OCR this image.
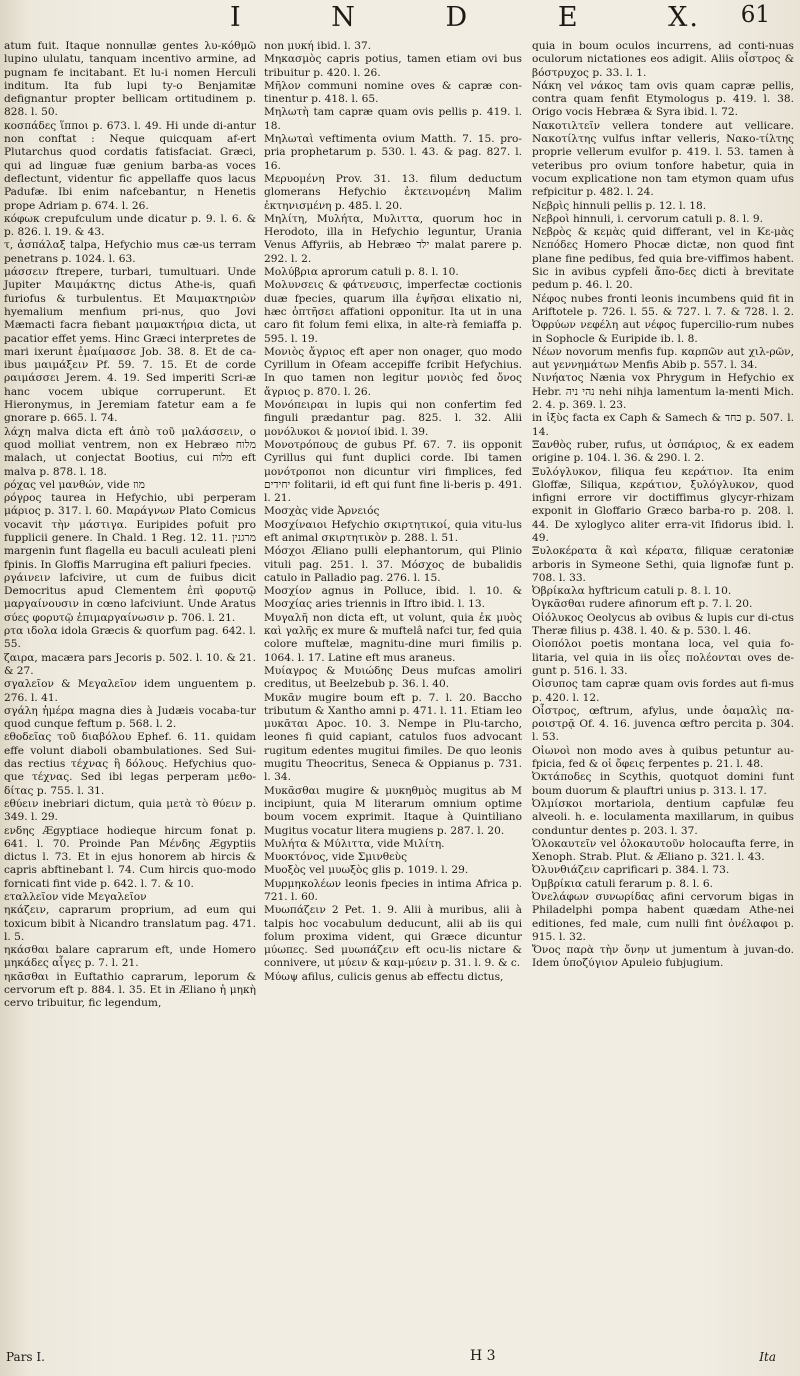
I	N	D	E	X. 61

atum fuit. Itaque nonnullæ gentes λυ-κόθμῶ lupino ululatu, tanquam incentivo armine, ad pugnam fe incitabant. Et lu-i nomen Herculi inditum. Ita fub lupi ty-o Benjamitæ defignantur propter bellicam ortitudinem p. 828. l. 50.

κοσπάδες ἵπποι p. 673. l. 49. Hi unde di-antur non conftat : Neque quicquam af-ert Plutarchus quod cordatis fatisfaciat. Græci, qui ad linguæ fuæ genium barba-as voces deflectunt, videntur fic appellaffe quos lacus Padufæ. Ibi enim nafcebantur, n Henetis prope Adriam p. 674. l. 26.

κόφωκ crepufculum unde dicatur p. 9. l. 6. & p. 826. l. 19. & 43.

τ, ἀσπάλαξ talpa, Hefychio mus cæ-us terram penetrans p. 1024. l. 63.

μάσσειν ftrepere, turbari, tumultuari. Unde Jupiter Μαιμάκτης dictus Athe-is, quafi furiofus & turbulentus. Et Μαιμακτηριὼν hyemalium menfium pri-nus, quo Jovi Mæmacti facra fiebant μαιμακτήρια dicta, ut pacatior effet yems. Hinc Græci interpretes de mari ixerunt ἐμαίμασσε Job. 38. 8. Et de ca-ibus μαιμάξειν Pf. 59. 7. 15. Et de corde ραιμάσσει Jerem. 4. 19. Sed imperiti Scri-æ hanc vocem ubique corruperunt. Et Hieronymus, in Jeremiam fatetur eam a fe gnorare p. 665. l. 74.

λάχη malva dicta eft ἀπὸ τοῦ μαλάσσειν, o quod molliat ventrem, non ex Hebræo מלוח malach, ut conjectat Bootius, cui מלוח eft malva p. 878. l. 18.

ρόχας vel μανθών, vide מוז

ρόγρος taurea in Hefychio, ubi perperam μάριος p. 317. l. 60. Μαράγνων Plato Comicus vocavit τὴν μάστιγα. Euripides pofuit pro fupplicii genere. In Chald. 1 Reg. 12. 11. מרגנין margenin funt flagella eu baculi aculeati pleni fpinis. In Gloffis Marrugina eft paliuri fpecies.

ργάινειν lafcivire, ut cum de fuibus dicit Democritus apud Clementem ἐπὶ φορυτῷ μαργαίνουσιν in cœno lafciviunt. Unde Aratus σύες φορυτῷ ἐπιμαργαίνωσιν p. 706. l. 21.

ρτα ιδολα idola Græcis & quorfum pag. 642. l. 55.

ζαιρα, macæra pars Jecoris p. 502. l. 10. & 21. & 27.

σγαλεῖον & Μεγαλεῖον idem unguentem p. 276. l. 41.

σγάλη ἡμέρα magna dies à Judæis vocaba-tur quod cunque feftum p. 568. l. 2.

εθοδεῖας τοῦ διαβόλου Ephef. 6. 11. quidam effe volunt diaboli obambulationes. Sed Sui-das rectius τέχνας ἢ δόλους. Hefychius quo-que τέχνας. Sed ibi legas perperam μεθο-δίτας p. 755. l. 31.

εθύειν inebriari dictum, quia μετὰ τὸ θύειν p. 349. l. 29.

ενδης Ægyptiace hodieque hircum fonat p. 641. l. 70. Proinde Pan Μένδης Ægyptiis dictus l. 73. Et in ejus honorem ab hircis & capris abftinebant l. 74. Cum hircis quo-modo fornicati fint vide p. 642. l. 7. & 10.

εταλλεῖον vide Μεγαλεῖον

ηκάζειν, caprarum proprium, ad eum qui toxicum bibit à Nicandro translatum pag. 471. l. 5.

ηκάσθαι balare caprarum eft, unde Homero μηκάδες αἶγες p. 7. l. 21.

ηκᾶσθαι in Euftathio caprarum, leporum & cervorum eft p. 884. l. 35. Et in Æliano ἡ μηκὴ cervo tribuitur, fic legendum,

non μυκή ibid. l. 37.

Μηκασμὸς capris potius, tamen etiam ovi bus tribuitur p. 420. l. 26.

Μῆλον communi nomine oves & capræ con-tinentur p. 418. l. 65.

Μηλωτὴ tam capræ quam ovis pellis p. 419. l. 18.

Μηλωταὶ veftimenta ovium Matth. 7. 15. pro-pria prophetarum p. 530. l. 43. & pag. 827. l. 16.

Μερυομένη Prov. 31. 13. filum deductum glomerans Hefychio ἐκτεινομένη Malim ἐκτηνισμένη p. 485. l. 20.

Μηλίτη, Μυλήτα, Μυλιττα, quorum hoc in Herodoto, illa in Hefychio leguntur, Urania Venus Affyriis, ab Hebræo ילד malat parere p. 292. l. 2.

Μολύβρια aprorum catuli p. 8. l. 10.

Μολυνσεις & φάτνευσις, imperfectæ coctionis duæ fpecies, quarum illa ἑψῆσαι elixatio ni, hæc ὀπτῆσει affationi opponitur. Ita ut in una caro fit folum femi elixa, in alte-rà femiaffa p. 595. l. 19.

Μονιὸς ἄγριος eft aper non onager, quo modo Cyrillum in Ofeam accepiffe fcribit Hefychius. In quo tamen non legitur μονιὸς fed ὄνος ἄγριος p. 870. l. 26.

Μονόπειραι in lupis qui non confertim fed finguli prædantur pag. 825. l. 32. Alii μονόλυκοι & μονιοί ibid. l. 39.

Μονοτρόπους de gubus Pf. 67. 7. iis opponit Cyrillus qui funt duplici corde. Ibi tamen μονότροποι non dicuntur viri fimplices, fed יחידים folitarii, id eft qui funt fine li-beris p. 491. l. 21.

Μοσχὰς vide Ἀρνειός

Μοσχίναιοι Hefychio σκιρτητικοί, quia vitu-lus eft animal σκιρτητικὸν p. 288. l. 51.

Μόσχοι Æliano pulli elephantorum, qui Plinio vituli pag. 251. l. 37. Μόσχος de bubalidis catulo in Palladio pag. 276. l. 15.

Μοσχίον agnus in Polluce, ibid. l. 10. & Μοσχίας aries triennis in Iftro ibid. l. 13.

Μυγαλῆ non dicta eft, ut volunt, quia ἐκ μυὸς καὶ γαλῆς ex mure & muftelâ nafci tur, fed quia colore muftelæ, magnitu-dine muri fimilis p. 1064. l. 17. Latine eft mus araneus.

Μυίαγρος & Μυιώδης Deus mufcas amoliri creditus, ut Beelzebub p. 36. l. 40.

Μυκᾶν mugire boum eft p. 7. l. 20. Baccho tributum & Xantho amni p. 471. l. 11. Etiam leo μυκᾶται Apoc. 10. 3. Nempe in Plu-tarcho, leones fi quid capiant, catulos fuos advocant rugitum edentes mugitui fimiles. De quo leonis mugitu Theocritus, Seneca & Oppianus p. 731. l. 34.

Μυκᾶσθαι mugire & μυκηθμὸς mugitus ab M incipiunt, quia M literarum omnium optime boum vocem exprimit. Itaque à Quintiliano Mugitus vocatur litera mugiens p. 287. l. 20.

Μυλήτα & Μύλιττα, vide Μιλίτη.

Μυοκτόνος, vide Σμινθεὺς

Μυοξὸς vel μυωξὸς glis p. 1019. l. 29.

Μυρμηκολέων leonis fpecies in intima Africa p. 721. l. 60.

Μυωπάζειν 2 Pet. 1. 9. Alii à muribus, alii à talpis hoc vocabulum deducunt, alii ab iis qui folum proxima vident, qui Græce dicuntur μύωπες. Sed μυωπάζειν eft ocu-lis nictare & connivere, ut μύειν & καμ-μύειν p. 31. l. 9. & c.

Μύωψ afilus, culicis genus ab effectu dictus,

quia in boum oculos incurrens, ad conti-nuas oculorum nictationes eos adigit. Aliis οἶστρος & βόστρυχος p. 33. l. 1.

Νάκη vel νάκος tam ovis quam capræ pellis, contra quam fenfit Etymologus p. 419. l. 38. Origo vocis Hebræa & Syra ibid. l. 72.

Νακοτιλτεῖν vellera tondere aut vellicare. Νακοτίλτης vulfus inftar velleris, Νακο-τίλτης proprie vellerum evulfor p. 419. l. 53. tamen à veteribus pro ovium tonfore habetur, quia in vocum explicatione non tam etymon quam ufus refpicitur p. 482. l. 24.

Νεβρὶς hinnuli pellis p. 12. l. 18.

Νεβροὶ hinnuli, i. cervorum catuli p. 8. l. 9.

Νεβρὸς & κεμὰς quid differant, vel in Κε-μὰς Νεπόδες Homero Phocæ dictæ, non quod fint plane fine pedibus, fed quia bre-viffimos habent. Sic in avibus cypfeli ἄπο-δες dicti à brevitate pedum p. 46. l. 20.

Νέφος nubes fronti leonis incumbens quid fit in Ariftotele p. 726. l. 55. & 727. l. 7. & 728. l. 2. Ὀφρύων νεφέλη aut νέφος fupercilio-rum nubes in Sophocle & Euripide ib. l. 8.

Νέων novorum menfis fup. καρπῶν aut χιλ-ρῶν, aut γεννημάτων Menfis Abib p. 557. l. 34.

Νινήατος Nænia vox Phrygum in Hefychio ex Hebr. נהי ניה nehi nihja lamentum la-menti Mich. 2. 4. p. 369. l. 23.

in ἰξὺς facta ex Caph & Samech & כחד p. 507. l. 14.

Ξανθὸς ruber, rufus, ut ὀσπάριος, & ex eadem origine p. 104. l. 36. & 290. l. 2.

Ξυλόγλυκον, filiqua feu κεράτιον. Ita enim Gloffæ, Siliqua, κεράτιον, ξυλόγλυκον, quod infigni errore vir doctiffimus glycyr-rhizam exponit in Gloffario Græco barba-ro p. 208. l. 44. De xyloglyco aliter erra-vit Ifidorus ibid. l. 49.

Ξυλοκέρατα ἃ καὶ κέρατα, filiquæ ceratoniæ arboris in Symeone Sethi, quia lignofæ funt p. 708. l. 33.

Ὀβρίκαλα hyftricum catuli p. 8. l. 10.

Ὀγκᾶσθαι rudere afinorum eft p. 7. l. 20.

Οἰόλυκος Oeolycus ab ovibus & lupis cur di-ctus Theræ filius p. 438. l. 40. & p. 530. l. 46.

Οἰοπόλοι poetis montana loca, vel quia fo-litaria, vel quia in iis οἶες πολέονται oves de-gunt p. 516. l. 33.

Οἰσυπος tam capræ quam ovis fordes aut fi-mus p. 420. l. 12.

Οἶστρος, œftrum, afylus, unde ὁαμαλὶς πα-ροιστρᾷ Of. 4. 16. juvenca œftro percita p. 304. l. 53.

Οἰωνοὶ non modo aves à quibus petuntur au-fpicia, fed & οἱ ὄφεις ferpentes p. 21. l. 48.

Ὀκτάποδες in Scythis, quotquot domini funt boum duorum & plauftri unius p. 313. l. 17.

Ὀλμίσκοι mortariola, dentium capfulæ feu alveoli. h. e. loculamenta maxillarum, in quibus conduntur dentes p. 203. l. 37.

Ὁλοκαυτεῖν vel ὁλοκαυτοῦν holocaufta ferre, in Xenoph. Strab. Plut. & Æliano p. 321. l. 43.

Ὀλυνθιάζειν caprificari p. 384. l. 73.

Ὀμβρίκια catuli ferarum p. 8. l. 6.

Ὀνελάφων συνωρίδας afini cervorum bigas in Philadelphi pompa habent quædam Athe-nei editiones, fed male, cum nulli fint ὀνέλαφοι p. 915. l. 32.

Ὄνος παρὰ τὴν ὄνην ut jumentum à juvan-do. Idem ὑποζύγιον Apuleio fubjugium.

Pars I.	H 3	Ita
